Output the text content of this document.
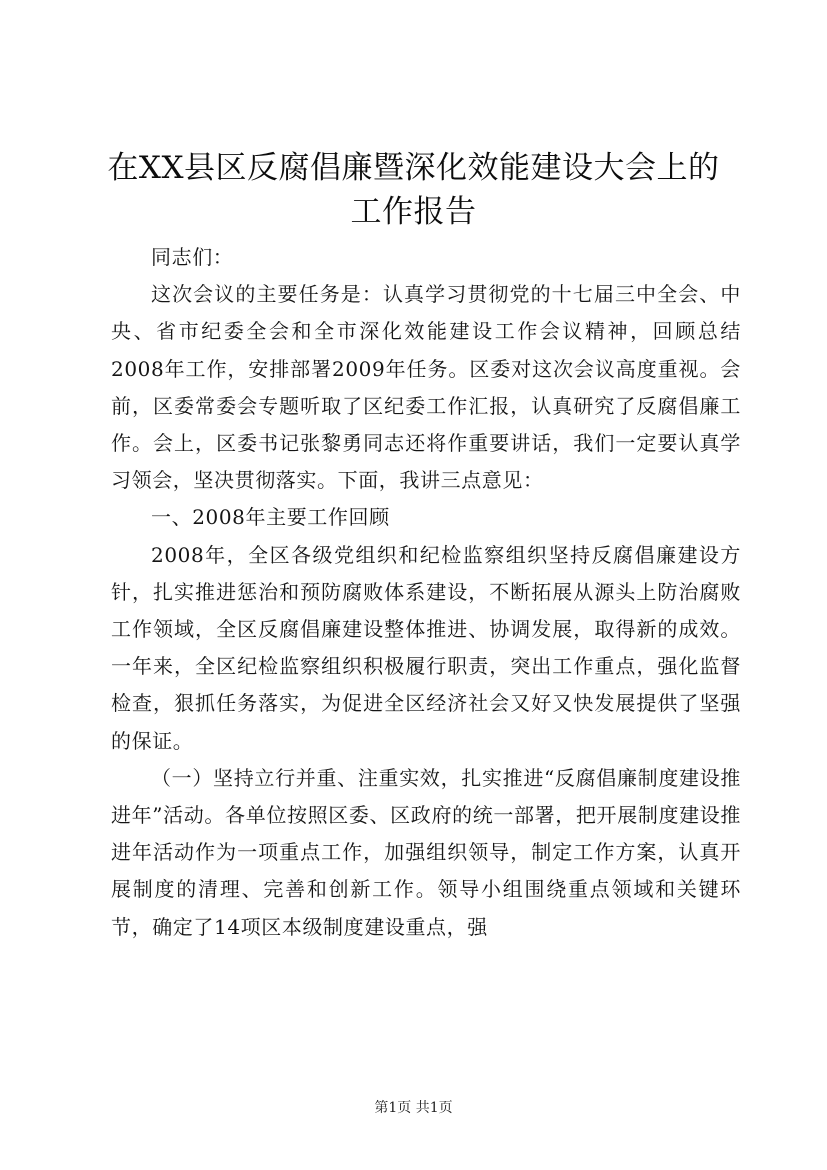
在XX县区反腐倡廉暨深化效能建设大会上的
工作报告

同志们：

这次会议的主要任务是：认真学习贯彻党的十七届三中全会、中央、省市纪委全会和全市深化效能建设工作会议精神，回顾总结2008年工作，安排部署2009年任务。区委对这次会议高度重视。会前，区委常委会专题听取了区纪委工作汇报，认真研究了反腐倡廉工作。会上，区委书记张黎勇同志还将作重要讲话，我们一定要认真学习领会，坚决贯彻落实。下面，我讲三点意见：

一、2008年主要工作回顾

2008年，全区各级党组织和纪检监察组织坚持反腐倡廉建设方针，扎实推进惩治和预防腐败体系建设，不断拓展从源头上防治腐败工作领域，全区反腐倡廉建设整体推进、协调发展，取得新的成效。一年来，全区纪检监察组织积极履行职责，突出工作重点，强化监督检查，狠抓任务落实，为促进全区经济社会又好又快发展提供了坚强的保证。

（一）坚持立行并重、注重实效，扎实推进“反腐倡廉制度建设推进年”活动。各单位按照区委、区政府的统一部署，把开展制度建设推进年活动作为一项重点工作，加强组织领导，制定工作方案，认真开展制度的清理、完善和创新工作。领导小组围绕重点领域和关键环节，确定了14项区本级制度建设重点，强

第1页 共1页
